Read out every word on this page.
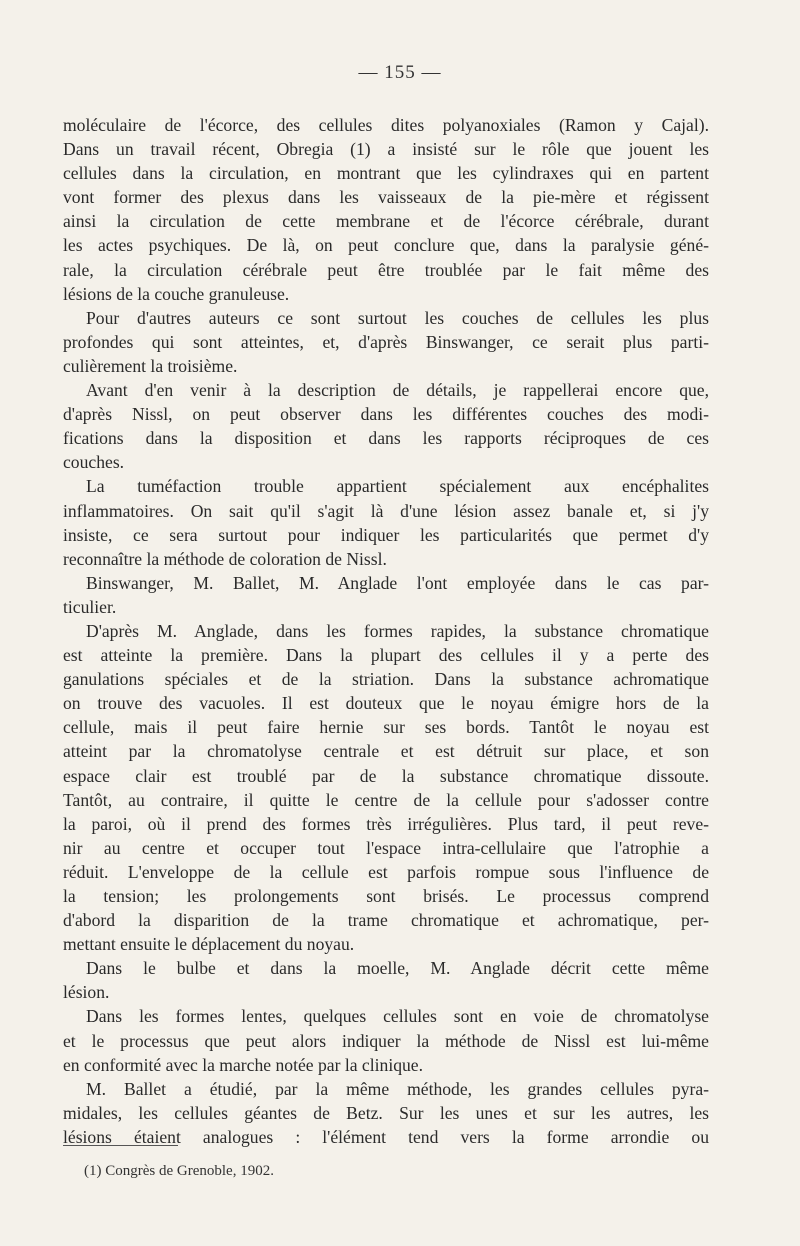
— 155 —
moléculaire de l'écorce, des cellules dites polyanoxiales (Ramon y Cajal).
Dans un travail récent, Obregia (1) a insisté sur le rôle que jouent les
cellules dans la circulation, en montrant que les cylindraxes qui en partent
vont former des plexus dans les vaisseaux de la pie-mère et régissent
ainsi la circulation de cette membrane et de l'écorce cérébrale, durant
les actes psychiques. De là, on peut conclure que, dans la paralysie géné-
rale, la circulation cérébrale peut être troublée par le fait même des
lésions de la couche granuleuse.
Pour d'autres auteurs ce sont surtout les couches de cellules les plus
profondes qui sont atteintes, et, d'après Binswanger, ce serait plus parti-
culièrement la troisième.
Avant d'en venir à la description de détails, je rappellerai encore que,
d'après Nissl, on peut observer dans les différentes couches des modi-
fications dans la disposition et dans les rapports réciproques de ces
couches.
La tuméfaction trouble appartient spécialement aux encéphalites
inflammatoires. On sait qu'il s'agit là d'une lésion assez banale et, si j'y
insiste, ce sera surtout pour indiquer les particularités que permet d'y
reconnaître la méthode de coloration de Nissl.
Binswanger, M. Ballet, M. Anglade l'ont employée dans le cas par-
ticulier.
D'après M. Anglade, dans les formes rapides, la substance chromatique
est atteinte la première. Dans la plupart des cellules il y a perte des
ganulations spéciales et de la striation. Dans la substance achromatique
on trouve des vacuoles. Il est douteux que le noyau émigre hors de la
cellule, mais il peut faire hernie sur ses bords. Tantôt le noyau est
atteint par la chromatolyse centrale et est détruit sur place, et son
espace clair est troublé par de la substance chromatique dissoute.
Tantôt, au contraire, il quitte le centre de la cellule pour s'adosser contre
la paroi, où il prend des formes très irrégulières. Plus tard, il peut reve-
nir au centre et occuper tout l'espace intra-cellulaire que l'atrophie a
réduit. L'enveloppe de la cellule est parfois rompue sous l'influence de
la tension; les prolongements sont brisés. Le processus comprend
d'abord la disparition de la trame chromatique et achromatique, per-
mettant ensuite le déplacement du noyau.
Dans le bulbe et dans la moelle, M. Anglade décrit cette même
lésion.
Dans les formes lentes, quelques cellules sont en voie de chromatolyse
et le processus que peut alors indiquer la méthode de Nissl est lui-même
en conformité avec la marche notée par la clinique.
M. Ballet a étudié, par la même méthode, les grandes cellules pyra-
midales, les cellules géantes de Betz. Sur les unes et sur les autres, les
lésions étaient analogues : l'élément tend vers la forme arrondie ou
(1) Congrès de Grenoble, 1902.
